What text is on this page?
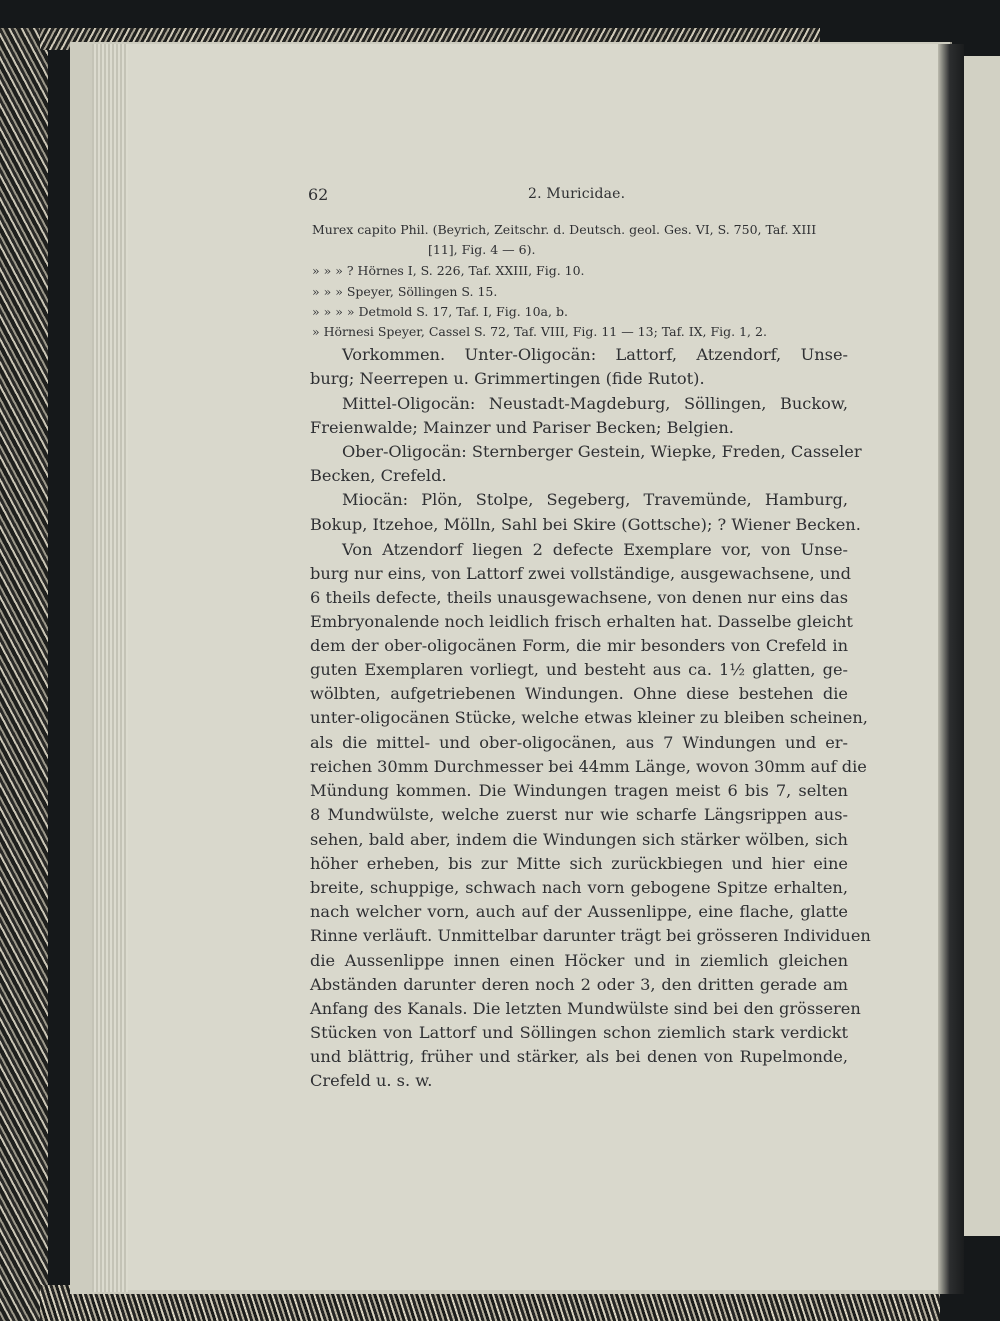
62	2. Muricidae.
Murex capito Phil. (Beyrich, Zeitschr. d. Deutsch. geol. Ges. VI, S. 750, Taf. XIII
[11], Fig. 4 — 6).
» » » ? Hörnes I, S. 226, Taf. XXIII, Fig. 10.
» » » Speyer, Söllingen S. 15.
» » » » Detmold S. 17, Taf. I, Fig. 10a, b.
» Hörnesi Speyer, Cassel S. 72, Taf. VIII, Fig. 11 — 13; Taf. IX, Fig. 1, 2.
Vorkommen. Unter-Oligocän: Lattorf, Atzendorf, Unse-
burg; Neerrepen u. Grimmertingen (fide Rutot).
Mittel-Oligocän: Neustadt-Magdeburg, Söllingen, Buckow,
Freienwalde; Mainzer und Pariser Becken; Belgien.
Ober-Oligocän: Sternberger Gestein, Wiepke, Freden, Casseler
Becken, Crefeld.
Miocän: Plön, Stolpe, Segeberg, Travemünde, Hamburg,
Bokup, Itzehoe, Mölln, Sahl bei Skire (Gottsche); ? Wiener Becken.
Von Atzendorf liegen 2 defecte Exemplare vor, von Unse-
burg nur eins, von Lattorf zwei vollständige, ausgewachsene, und
6 theils defecte, theils unausgewachsene, von denen nur eins das
Embryonalende noch leidlich frisch erhalten hat. Dasselbe gleicht
dem der ober-oligocänen Form, die mir besonders von Crefeld in
guten Exemplaren vorliegt, und besteht aus ca. 1½ glatten, ge-
wölbten, aufgetriebenen Windungen. Ohne diese bestehen die
unter-oligocänen Stücke, welche etwas kleiner zu bleiben scheinen,
als die mittel- und ober-oligocänen, aus 7 Windungen und er-
reichen 30mm Durchmesser bei 44mm Länge, wovon 30mm auf die
Mündung kommen. Die Windungen tragen meist 6 bis 7, selten
8 Mundwülste, welche zuerst nur wie scharfe Längsrippen aus-
sehen, bald aber, indem die Windungen sich stärker wölben, sich
höher erheben, bis zur Mitte sich zurückbiegen und hier eine
breite, schuppige, schwach nach vorn gebogene Spitze erhalten,
nach welcher vorn, auch auf der Aussenlippe, eine flache, glatte
Rinne verläuft. Unmittelbar darunter trägt bei grösseren Individuen
die Aussenlippe innen einen Höcker und in ziemlich gleichen
Abständen darunter deren noch 2 oder 3, den dritten gerade am
Anfang des Kanals. Die letzten Mundwülste sind bei den grösseren
Stücken von Lattorf und Söllingen schon ziemlich stark verdickt
und blättrig, früher und stärker, als bei denen von Rupelmonde,
Crefeld u. s. w.
